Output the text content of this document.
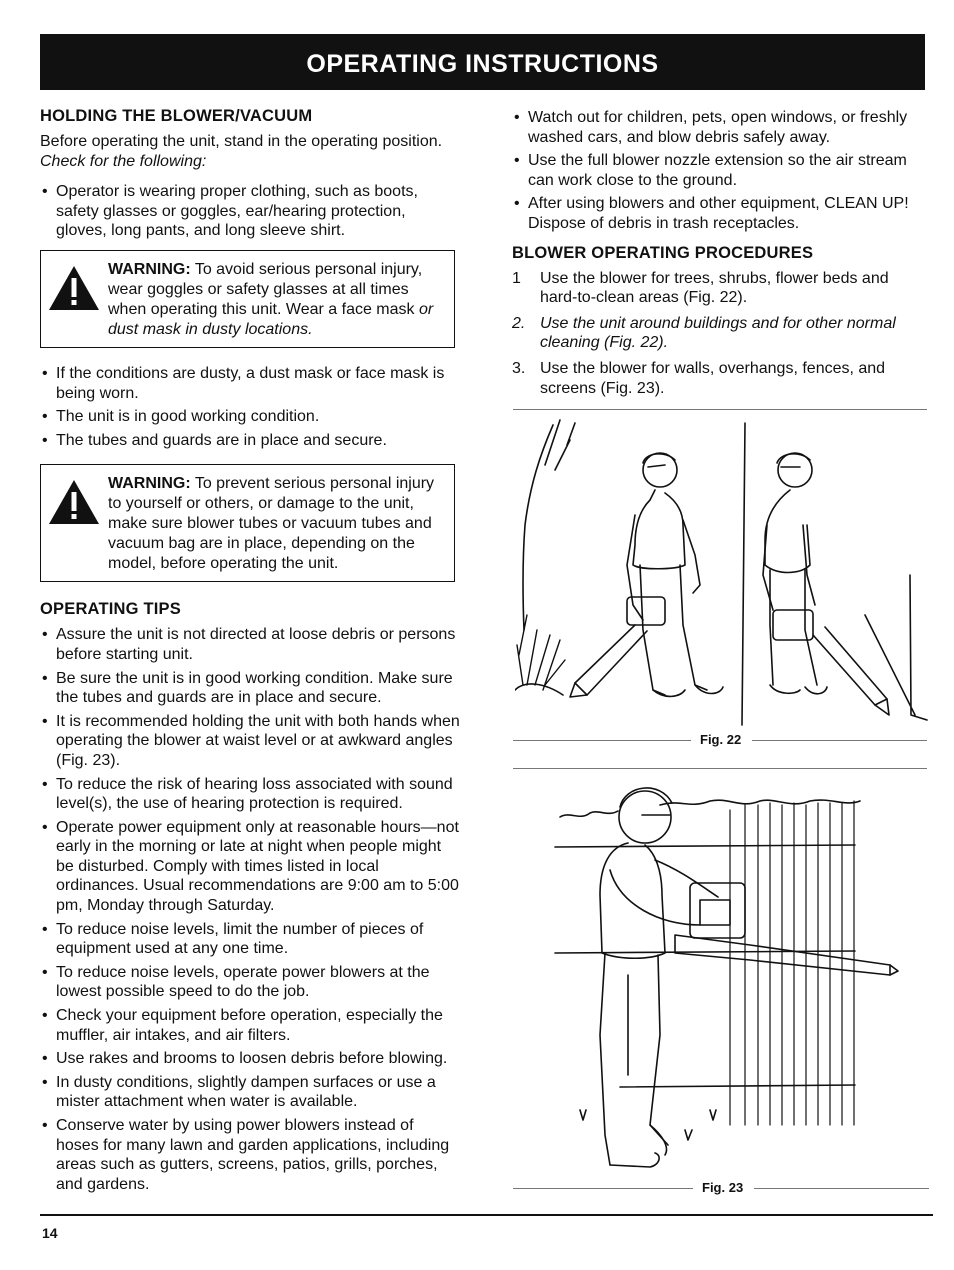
OPERATING INSTRUCTIONS
HOLDING THE BLOWER/VACUUM

Before operating the unit, stand in the operating position.
Check for the following:

• Operator is wearing proper clothing, such as boots, safety glasses or goggles, ear/hearing protection, gloves, long pants, and long sleeve shirt.

WARNING: To avoid serious personal injury, wear goggles or safety glasses at all times when operating this unit. Wear a face mask or dust mask in dusty locations.

• If the conditions are dusty, a dust mask or face mask is being worn.
• The unit is in good working condition.
• The tubes and guards are in place and secure.

WARNING: To prevent serious personal injury to yourself or others, or damage to the unit, make sure blower tubes or vacuum tubes and vacuum bag are in place, depending on the model, before operating the unit.

OPERATING TIPS
• Assure the unit is not directed at loose debris or persons before starting unit.
• Be sure the unit is in good working condition. Make sure the tubes and guards are in place and secure.
• It is recommended holding the unit with both hands when operating the blower at waist level or at awkward angles (Fig. 23).
• To reduce the risk of hearing loss associated with sound level(s), the use of hearing protection is required.
• Operate power equipment only at reasonable hours—not early in the morning or late at night when people might be disturbed. Comply with times listed in local ordinances. Usual recommendations are 9:00 am to 5:00 pm, Monday through Saturday.
• To reduce noise levels, limit the number of pieces of equipment used at any one time.
• To reduce noise levels, operate power blowers at the lowest possible speed to do the job.
• Check your equipment before operation, especially the muffler, air intakes, and air filters.
• Use rakes and brooms to loosen debris before blowing.
• In dusty conditions, slightly dampen surfaces or use a mister attachment when water is available.
• Conserve water by using power blowers instead of hoses for many lawn and garden applications, including areas such as gutters, screens, patios, grills, porches, and gardens.
• Watch out for children, pets, open windows, or freshly washed cars, and blow debris safely away.
• Use the full blower nozzle extension so the air stream can work close to the ground.
• After using blowers and other equipment, CLEAN UP! Dispose of debris in trash receptacles.
BLOWER OPERATING PROCEDURES
1 Use the blower for trees, shrubs, flower beds and hard-to-clean areas (Fig. 22).
2. Use the unit around buildings and for other normal cleaning (Fig. 22).
3. Use the blower for walls, overhangs, fences, and screens (Fig. 23).
Fig. 22
Fig. 23
14
